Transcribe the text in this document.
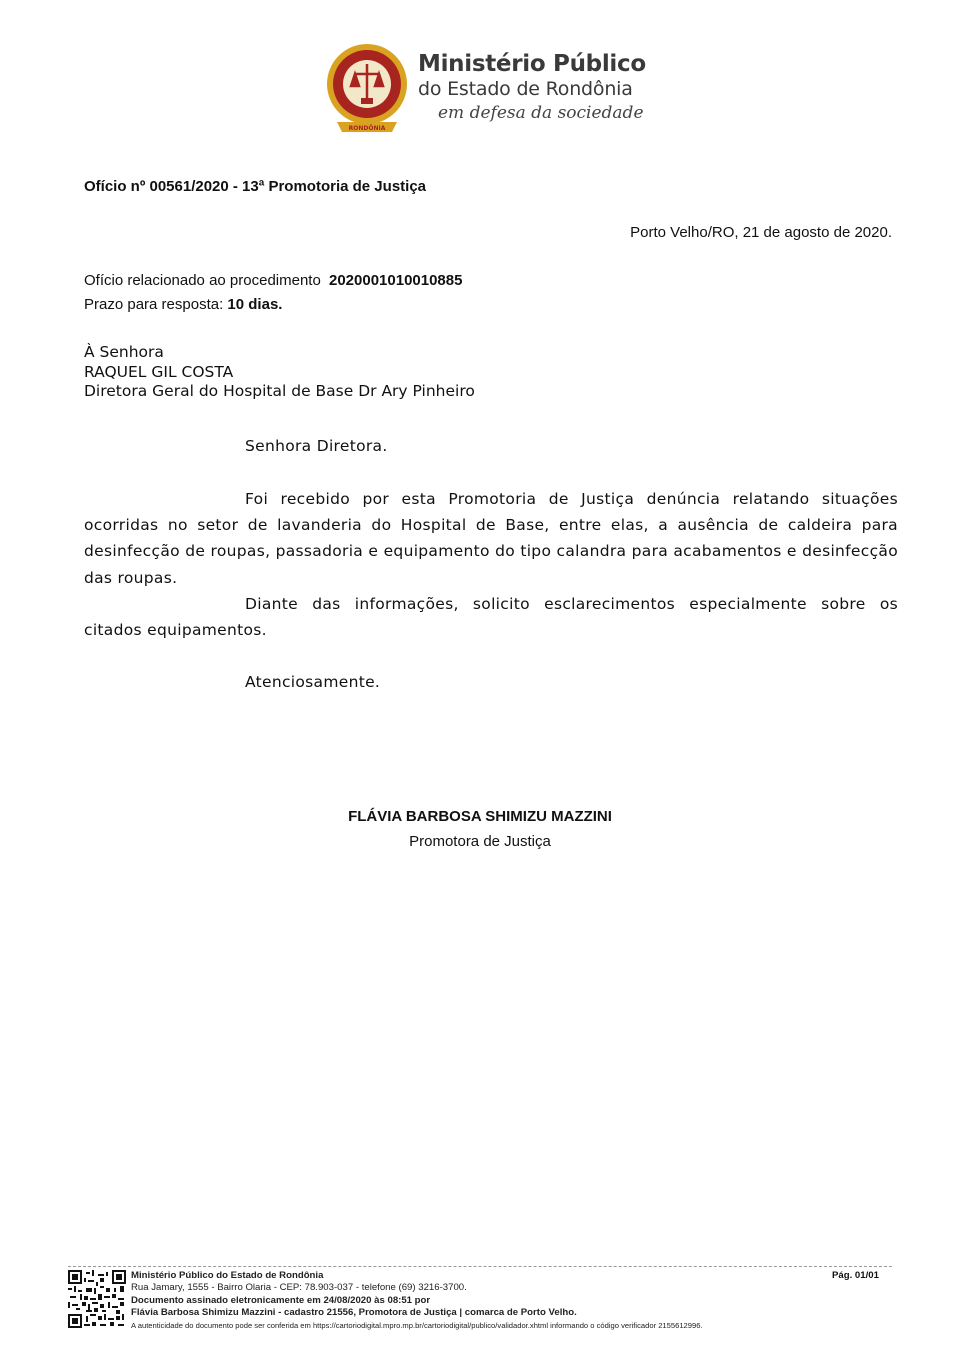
RONDÔNIA
Ministério Público
do Estado de Rondônia
em defesa da sociedade
Ofício nº 00561/2020 - 13ª Promotoria de Justiça
Porto Velho/RO, 21 de agosto de 2020.
Ofício relacionado ao procedimento 2020001010010885
Prazo para resposta: 10 dias.
À Senhora
RAQUEL GIL COSTA
Diretora Geral do Hospital de Base Dr Ary Pinheiro
Senhora Diretora.

Foi recebido por esta Promotoria de Justiça denúncia relatando situações ocorridas no setor de lavanderia do Hospital de Base, entre elas, a ausência de caldeira para desinfecção de roupas, passadoria e equipamento do tipo calandra para acabamentos e desinfecção das roupas.

Diante das informações, solicito esclarecimentos especialmente sobre os citados equipamentos.

Atenciosamente.
FLÁVIA BARBOSA SHIMIZU MAZZINI
Promotora de Justiça
Ministério Público do Estado de Rondônia
Rua Jamary, 1555 - Bairro Olaria - CEP: 78.903-037 - telefone (69) 3216-3700.
Documento assinado eletronicamente em 24/08/2020 às 08:51 por
Flávia Barbosa Shimizu Mazzini - cadastro 21556, Promotora de Justiça | comarca de Porto Velho.
A autenticidade do documento pode ser conferida em https://cartoriodigital.mpro.mp.br/cartoriodigital/publico/validador.xhtml informando o código verificador 2155612996.
Pág. 01/01
